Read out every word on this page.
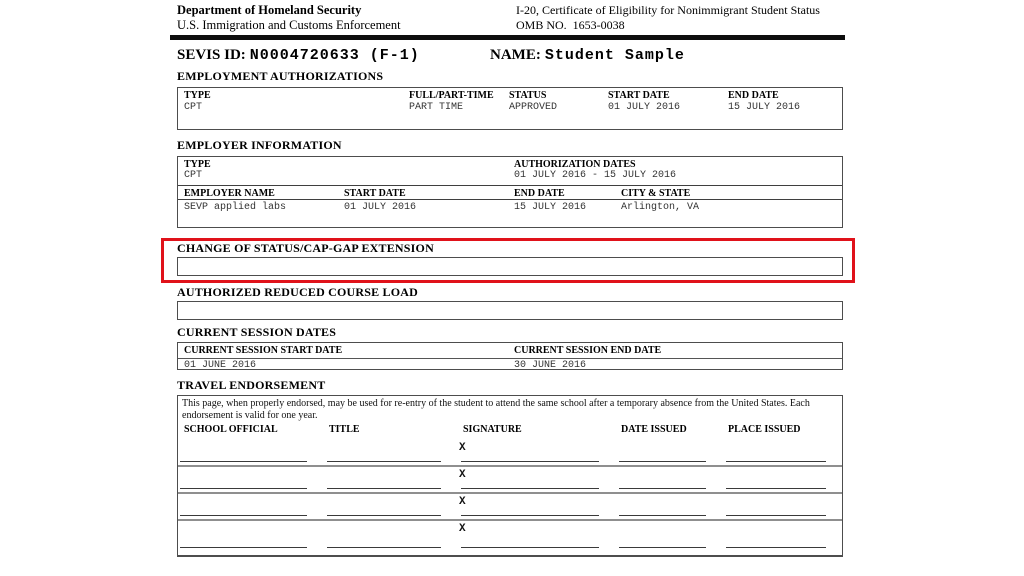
Department of Homeland Security
U.S. Immigration and Customs Enforcement
I-20, Certificate of Eligibility for Nonimmigrant Student Status
OMB NO.  1653-0038
SEVIS ID: N0004720633 (F-1)	NAME: Student Sample
EMPLOYMENT AUTHORIZATIONS
TYPE	FULL/PART-TIME	STATUS	START DATE	END DATE
CPT	PART TIME	APPROVED	01 JULY 2016	15 JULY 2016
EMPLOYER INFORMATION
TYPE	AUTHORIZATION DATES
CPT	01 JULY 2016 - 15 JULY 2016
EMPLOYER NAME	START DATE	END DATE	CITY & STATE
SEVP applied labs	01 JULY 2016	15 JULY 2016	Arlington, VA
CHANGE OF STATUS/CAP-GAP EXTENSION
AUTHORIZED REDUCED COURSE LOAD
CURRENT SESSION DATES
CURRENT SESSION START DATE	CURRENT SESSION END DATE
01 JUNE 2016	30 JUNE 2016
TRAVEL ENDORSEMENT
This page, when properly endorsed, may be used for re-entry of the student to attend the same school after a temporary absence from the United States. Each endorsement is valid for one year.
SCHOOL OFFICIAL	TITLE	SIGNATURE	DATE ISSUED	PLACE ISSUED
X
X
X
X
